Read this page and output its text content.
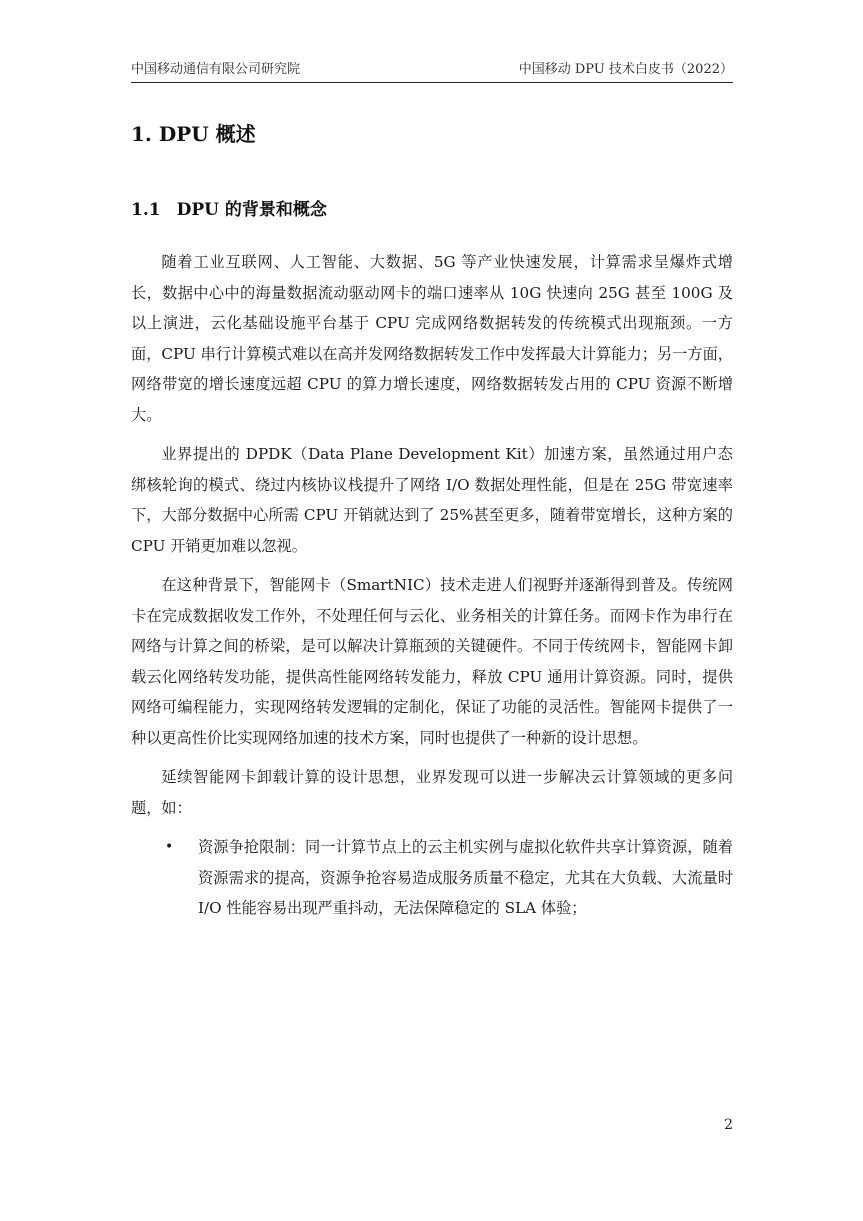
中国移动通信有限公司研究院	中国移动 DPU 技术白皮书（2022）
1. DPU 概述
1.1 DPU 的背景和概念

随着工业互联网、人工智能、大数据、5G 等产业快速发展，计算需求呈爆炸式增长，数据中心中的海量数据流动驱动网卡的端口速率从 10G 快速向 25G 甚至 100G 及以上演进，云化基础设施平台基于 CPU 完成网络数据转发的传统模式出现瓶颈。一方面，CPU 串行计算模式难以在高并发网络数据转发工作中发挥最大计算能力；另一方面，网络带宽的增长速度远超 CPU 的算力增长速度，网络数据转发占用的 CPU 资源不断增大。

业界提出的 DPDK（Data Plane Development Kit）加速方案，虽然通过用户态绑核轮询的模式、绕过内核协议栈提升了网络 I/O 数据处理性能，但是在 25G 带宽速率下，大部分数据中心所需 CPU 开销就达到了 25%甚至更多，随着带宽增长，这种方案的 CPU 开销更加难以忽视。

在这种背景下，智能网卡（SmartNIC）技术走进人们视野并逐渐得到普及。传统网卡在完成数据收发工作外，不处理任何与云化、业务相关的计算任务。而网卡作为串行在网络与计算之间的桥梁，是可以解决计算瓶颈的关键硬件。不同于传统网卡，智能网卡卸载云化网络转发功能，提供高性能网络转发能力，释放 CPU 通用计算资源。同时，提供网络可编程能力，实现网络转发逻辑的定制化，保证了功能的灵活性。智能网卡提供了一种以更高性价比实现网络加速的技术方案，同时也提供了一种新的设计思想。

延续智能网卡卸载计算的设计思想，业界发现可以进一步解决云计算领域的更多问题，如：

• 资源争抢限制：同一计算节点上的云主机实例与虚拟化软件共享计算资源，随着资源需求的提高，资源争抢容易造成服务质量不稳定，尤其在大负载、大流量时 I/O 性能容易出现严重抖动，无法保障稳定的 SLA 体验；
2
